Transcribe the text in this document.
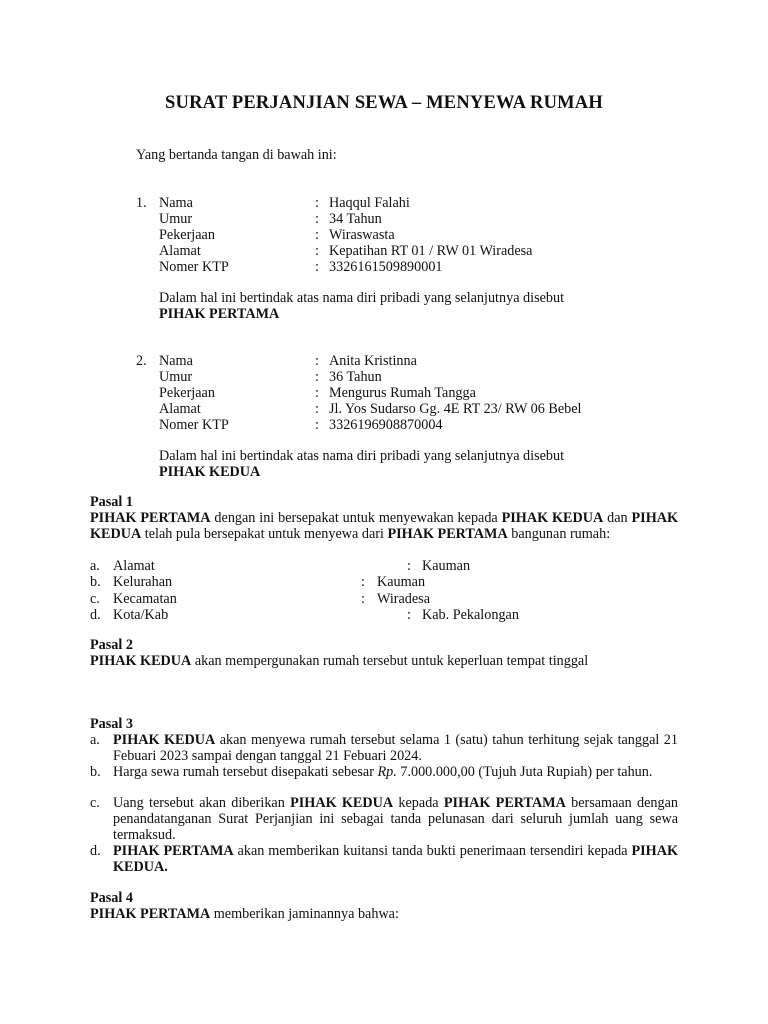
SURAT PERJANJIAN SEWA – MENYEWA RUMAH
Yang bertanda tangan di bawah ini:
1. Nama	: Haqqul Falahi
Umur	: 34 Tahun
Pekerjaan	: Wiraswasta
Alamat	: Kepatihan RT 01 / RW 01 Wiradesa
Nomer KTP	: 3326161509890001
Dalam hal ini bertindak atas nama diri pribadi yang selanjutnya disebut
PIHAK PERTAMA
2. Nama	: Anita Kristinna
Umur	: 36 Tahun
Pekerjaan	: Mengurus Rumah Tangga
Alamat	: Jl. Yos Sudarso Gg. 4E RT 23/ RW 06 Bebel
Nomer KTP	: 3326196908870004
Dalam hal ini bertindak atas nama diri pribadi yang selanjutnya disebut
PIHAK KEDUA
Pasal 1
PIHAK PERTAMA dengan ini bersepakat untuk menyewakan kepada PIHAK KEDUA dan PIHAK KEDUA telah pula bersepakat untuk menyewa dari PIHAK PERTAMA bangunan rumah:
a. Alamat	: Kauman
b. Kelurahan	: Kauman
c. Kecamatan	: Wiradesa
d. Kota/Kab	: Kab. Pekalongan
Pasal 2
PIHAK KEDUA akan mempergunakan rumah tersebut untuk keperluan tempat tinggal
Pasal 3
a. PIHAK KEDUA akan menyewa rumah tersebut selama 1 (satu) tahun terhitung sejak tanggal 21 Febuari 2023 sampai dengan tanggal 21 Febuari 2024.
b. Harga sewa rumah tersebut disepakati sebesar Rp. 7.000.000,00 (Tujuh Juta Rupiah) per tahun.
c. Uang tersebut akan diberikan PIHAK KEDUA kepada PIHAK PERTAMA bersamaan dengan penandatanganan Surat Perjanjian ini sebagai tanda pelunasan dari seluruh jumlah uang sewa termaksud.
d. PIHAK PERTAMA akan memberikan kuitansi tanda bukti penerimaan tersendiri kepada PIHAK KEDUA.
Pasal 4
PIHAK PERTAMA memberikan jaminannya bahwa:
